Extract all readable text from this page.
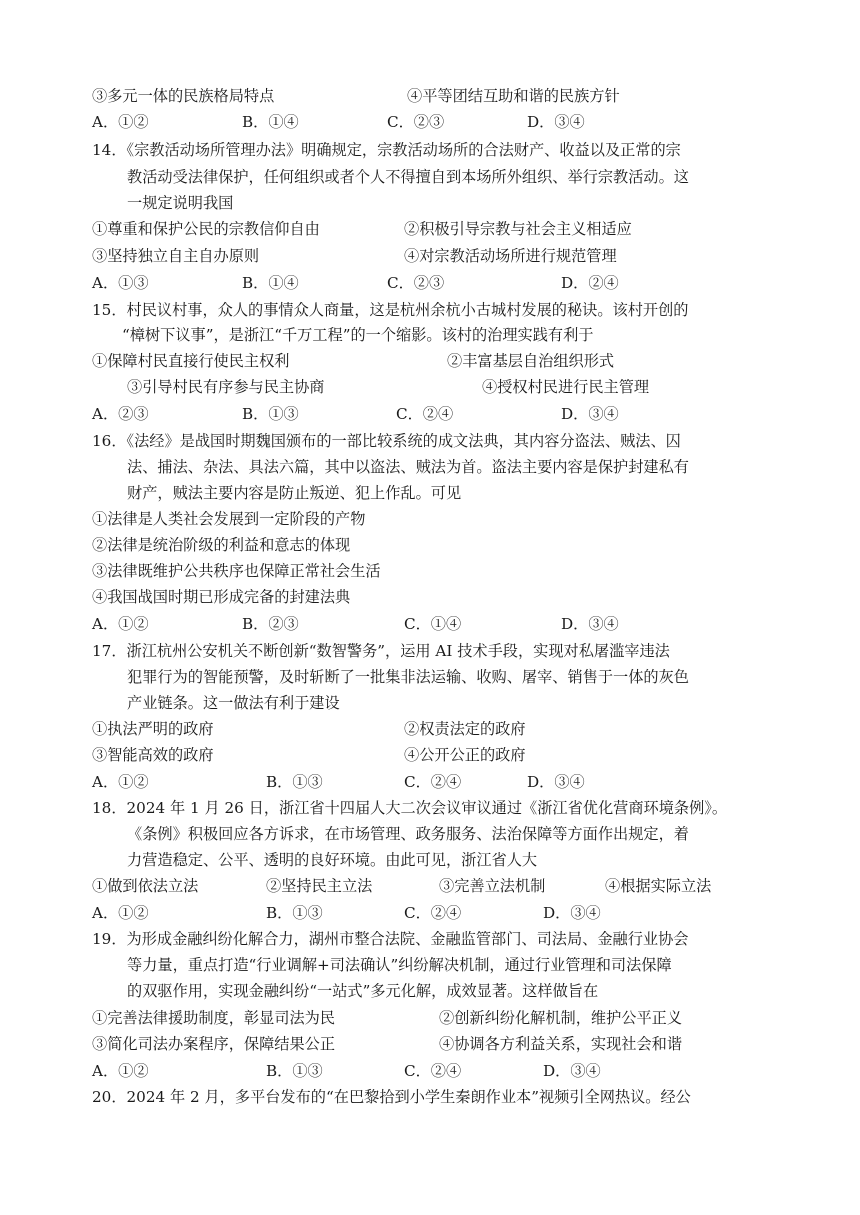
③多元一体的民族格局特点	④平等团结互助和谐的民族方针
A．①②	B．①④	C．②③	D．③④
14．《宗教活动场所管理办法》明确规定，宗教活动场所的合法财产、收益以及正常的宗
教活动受法律保护，任何组织或者个人不得擅自到本场所外组织、举行宗教活动。这
一规定说明我国
①尊重和保护公民的宗教信仰自由	②积极引导宗教与社会主义相适应
③坚持独立自主自办原则	④对宗教活动场所进行规范管理
A．①③	B．①④	C．②③	D．②④
15．村民议村事，众人的事情众人商量，这是杭州余杭小古城村发展的秘诀。该村开创的
“樟树下议事”，是浙江“千万工程”的一个缩影。该村的治理实践有利于
①保障村民直接行使民主权利	②丰富基层自治组织形式
③引导村民有序参与民主协商	④授权村民进行民主管理
A．②③	B．①③	C．②④	D．③④
16．《法经》是战国时期魏国颁布的一部比较系统的成文法典，其内容分盗法、贼法、囚
法、捕法、杂法、具法六篇，其中以盗法、贼法为首。盗法主要内容是保护封建私有
财产，贼法主要内容是防止叛逆、犯上作乱。可见
①法律是人类社会发展到一定阶段的产物
②法律是统治阶级的利益和意志的体现
③法律既维护公共秩序也保障正常社会生活
④我国战国时期已形成完备的封建法典
A．①②	B．②③	C．①④	D．③④
17．浙江杭州公安机关不断创新“数智警务”，运用 AI 技术手段，实现对私屠滥宰违法
犯罪行为的智能预警，及时斩断了一批集非法运输、收购、屠宰、销售于一体的灰色
产业链条。这一做法有利于建设
①执法严明的政府	②权责法定的政府
③智能高效的政府	④公开公正的政府
A．①②	B．①③	C．②④	D．③④
18．2024 年 1 月 26 日，浙江省十四届人大二次会议审议通过《浙江省优化营商环境条例》。
《条例》积极回应各方诉求，在市场管理、政务服务、法治保障等方面作出规定，着
力营造稳定、公平、透明的良好环境。由此可见，浙江省人大
①做到依法立法	②坚持民主立法	③完善立法机制	④根据实际立法
A．①②	B．①③	C．②④	D．③④
19．为形成金融纠纷化解合力，湖州市整合法院、金融监管部门、司法局、金融行业协会
等力量，重点打造“行业调解+司法确认”纠纷解决机制，通过行业管理和司法保障
的双驱作用，实现金融纠纷“一站式”多元化解，成效显著。这样做旨在
①完善法律援助制度，彰显司法为民	②创新纠纷化解机制，维护公平正义
③简化司法办案程序，保障结果公正	④协调各方利益关系，实现社会和谐
A．①②	B．①③	C．②④	D．③④
20．2024 年 2 月，多平台发布的“在巴黎拾到小学生秦朗作业本”视频引全网热议。经公
